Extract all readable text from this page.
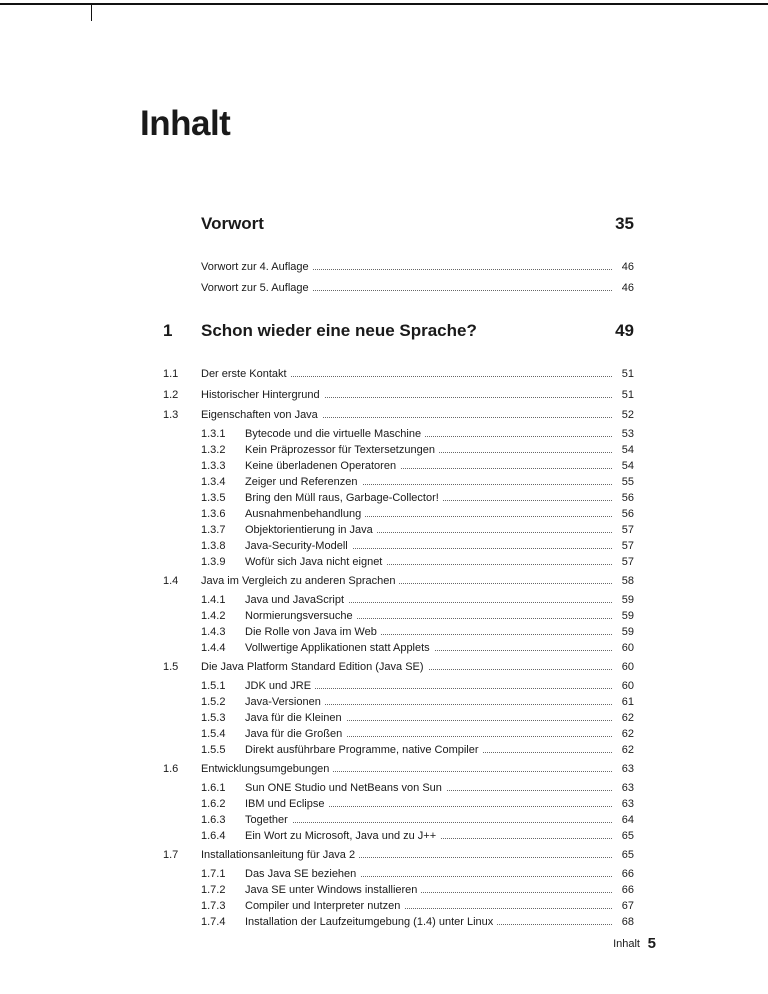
Inhalt
Vorwort	35
Vorwort zur 4. Auflage	46
Vorwort zur 5. Auflage	46
1 Schon wieder eine neue Sprache?	49
1.1 Der erste Kontakt	51
1.2 Historischer Hintergrund	51
1.3 Eigenschaften von Java	52
1.3.1 Bytecode und die virtuelle Maschine	53
1.3.2 Kein Präprozessor für Textersetzungen	54
1.3.3 Keine überladenen Operatoren	54
1.3.4 Zeiger und Referenzen	55
1.3.5 Bring den Müll raus, Garbage-Collector!	56
1.3.6 Ausnahmenbehandlung	56
1.3.7 Objektorientierung in Java	57
1.3.8 Java-Security-Modell	57
1.3.9 Wofür sich Java nicht eignet	57
1.4 Java im Vergleich zu anderen Sprachen	58
1.4.1 Java und JavaScript	59
1.4.2 Normierungsversuche	59
1.4.3 Die Rolle von Java im Web	59
1.4.4 Vollwertige Applikationen statt Applets	60
1.5 Die Java Platform Standard Edition (Java SE)	60
1.5.1 JDK und JRE	60
1.5.2 Java-Versionen	61
1.5.3 Java für die Kleinen	62
1.5.4 Java für die Großen	62
1.5.5 Direkt ausführbare Programme, native Compiler	62
1.6 Entwicklungsumgebungen	63
1.6.1 Sun ONE Studio und NetBeans von Sun	63
1.6.2 IBM und Eclipse	63
1.6.3 Together	64
1.6.4 Ein Wort zu Microsoft, Java und zu J++	65
1.7 Installationsanleitung für Java 2	65
1.7.1 Das Java SE beziehen	66
1.7.2 Java SE unter Windows installieren	66
1.7.3 Compiler und Interpreter nutzen	67
1.7.4 Installation der Laufzeitumgebung (1.4) unter Linux	68
Inhalt 5
